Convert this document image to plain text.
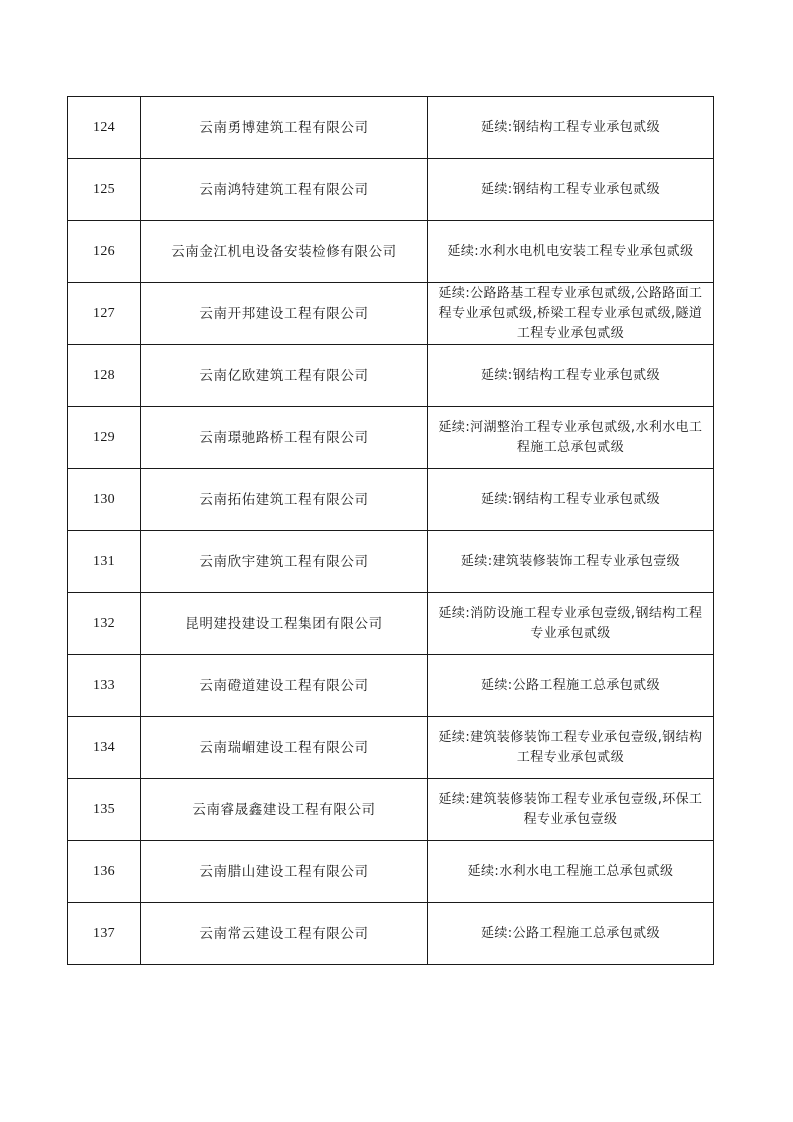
124	云南勇博建筑工程有限公司	延续:钢结构工程专业承包贰级
125	云南鸿特建筑工程有限公司	延续:钢结构工程专业承包贰级
126	云南金江机电设备安装检修有限公司	延续:水利水电机电安装工程专业承包贰级
127	云南开邦建设工程有限公司	延续:公路路基工程专业承包贰级,公路路面工程专业承包贰级,桥梁工程专业承包贰级,隧道工程专业承包贰级
128	云南亿欧建筑工程有限公司	延续:钢结构工程专业承包贰级
129	云南璟驰路桥工程有限公司	延续:河湖整治工程专业承包贰级,水利水电工程施工总承包贰级
130	云南拓佑建筑工程有限公司	延续:钢结构工程专业承包贰级
131	云南欣宇建筑工程有限公司	延续:建筑装修装饰工程专业承包壹级
132	昆明建投建设工程集团有限公司	延续:消防设施工程专业承包壹级,钢结构工程专业承包贰级
133	云南磴道建设工程有限公司	延续:公路工程施工总承包贰级
134	云南瑞嵋建设工程有限公司	延续:建筑装修装饰工程专业承包壹级,钢结构工程专业承包贰级
135	云南睿晟鑫建设工程有限公司	延续:建筑装修装饰工程专业承包壹级,环保工程专业承包壹级
136	云南腊山建设工程有限公司	延续:水利水电工程施工总承包贰级
137	云南常云建设工程有限公司	延续:公路工程施工总承包贰级
